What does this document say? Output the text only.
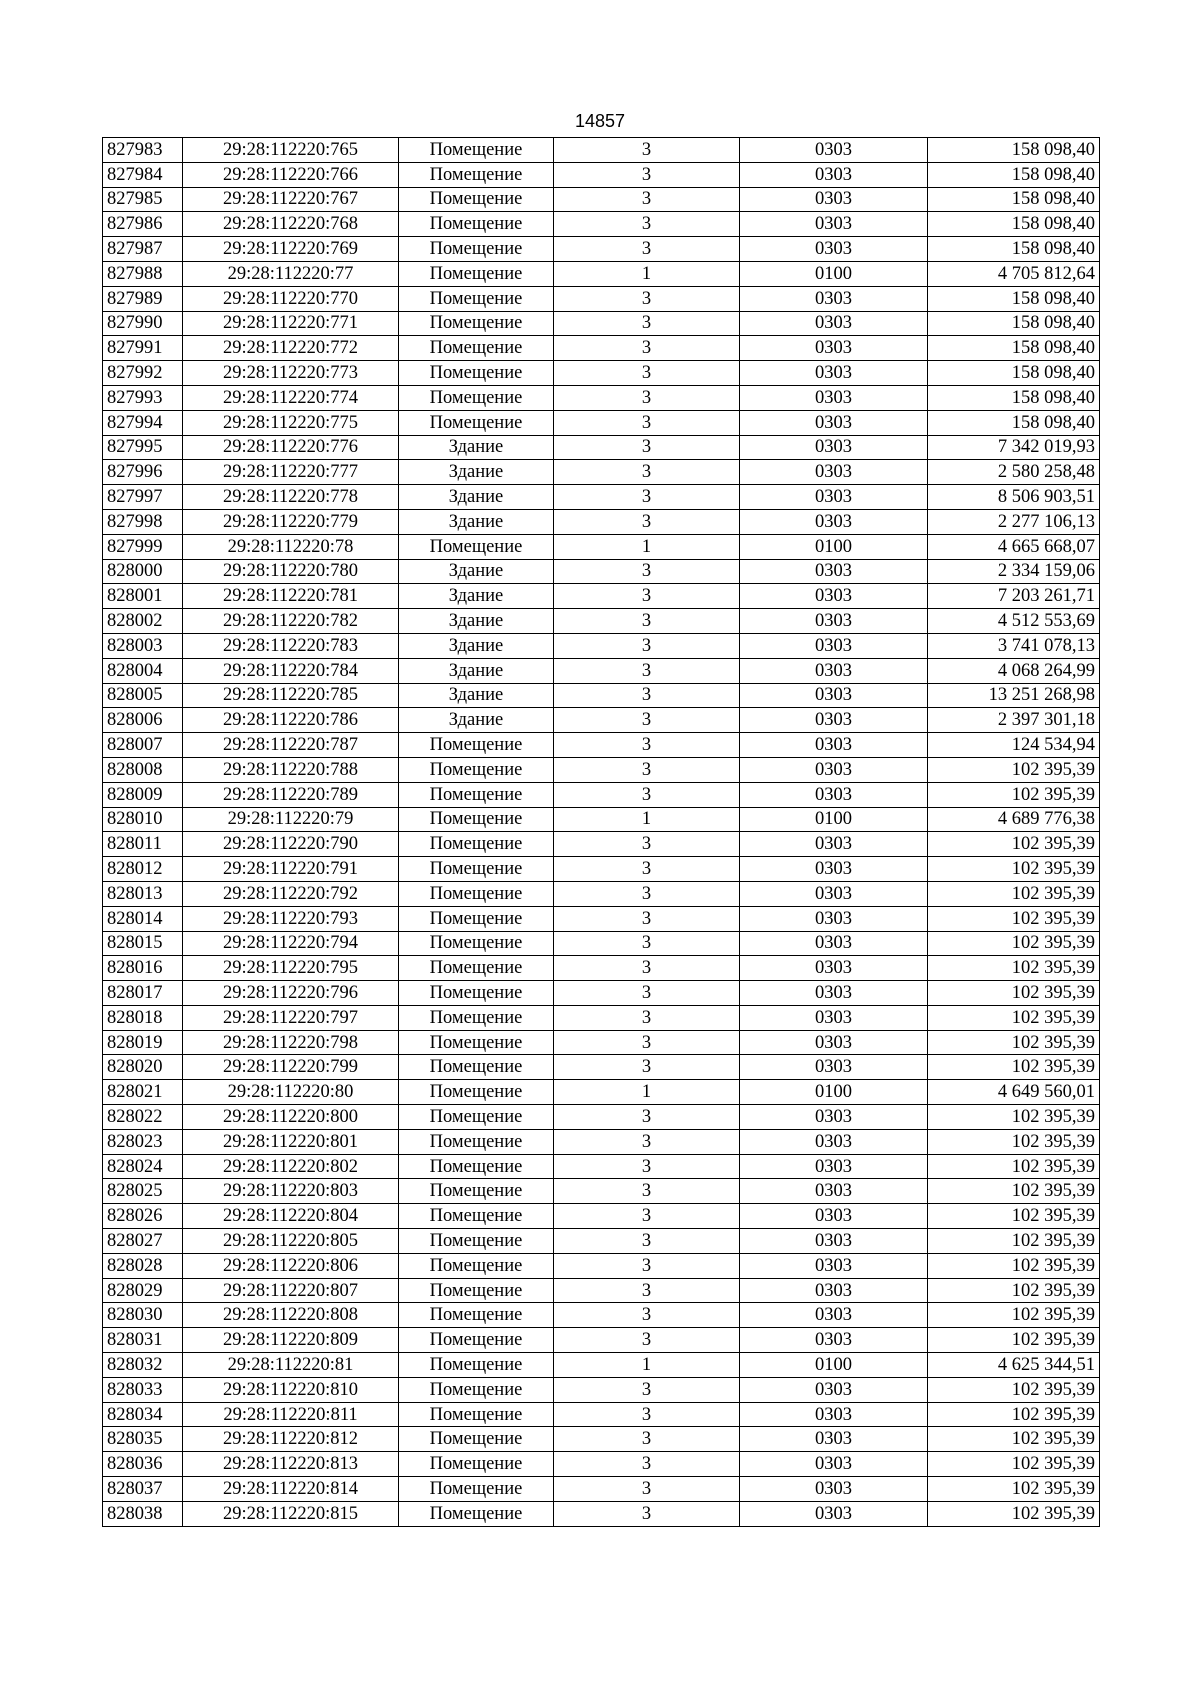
14857
827983	29:28:112220:765	Помещение	3	0303	158 098,40
827984	29:28:112220:766	Помещение	3	0303	158 098,40
827985	29:28:112220:767	Помещение	3	0303	158 098,40
827986	29:28:112220:768	Помещение	3	0303	158 098,40
827987	29:28:112220:769	Помещение	3	0303	158 098,40
827988	29:28:112220:77	Помещение	1	0100	4 705 812,64
827989	29:28:112220:770	Помещение	3	0303	158 098,40
827990	29:28:112220:771	Помещение	3	0303	158 098,40
827991	29:28:112220:772	Помещение	3	0303	158 098,40
827992	29:28:112220:773	Помещение	3	0303	158 098,40
827993	29:28:112220:774	Помещение	3	0303	158 098,40
827994	29:28:112220:775	Помещение	3	0303	158 098,40
827995	29:28:112220:776	Здание	3	0303	7 342 019,93
827996	29:28:112220:777	Здание	3	0303	2 580 258,48
827997	29:28:112220:778	Здание	3	0303	8 506 903,51
827998	29:28:112220:779	Здание	3	0303	2 277 106,13
827999	29:28:112220:78	Помещение	1	0100	4 665 668,07
828000	29:28:112220:780	Здание	3	0303	2 334 159,06
828001	29:28:112220:781	Здание	3	0303	7 203 261,71
828002	29:28:112220:782	Здание	3	0303	4 512 553,69
828003	29:28:112220:783	Здание	3	0303	3 741 078,13
828004	29:28:112220:784	Здание	3	0303	4 068 264,99
828005	29:28:112220:785	Здание	3	0303	13 251 268,98
828006	29:28:112220:786	Здание	3	0303	2 397 301,18
828007	29:28:112220:787	Помещение	3	0303	124 534,94
828008	29:28:112220:788	Помещение	3	0303	102 395,39
828009	29:28:112220:789	Помещение	3	0303	102 395,39
828010	29:28:112220:79	Помещение	1	0100	4 689 776,38
828011	29:28:112220:790	Помещение	3	0303	102 395,39
828012	29:28:112220:791	Помещение	3	0303	102 395,39
828013	29:28:112220:792	Помещение	3	0303	102 395,39
828014	29:28:112220:793	Помещение	3	0303	102 395,39
828015	29:28:112220:794	Помещение	3	0303	102 395,39
828016	29:28:112220:795	Помещение	3	0303	102 395,39
828017	29:28:112220:796	Помещение	3	0303	102 395,39
828018	29:28:112220:797	Помещение	3	0303	102 395,39
828019	29:28:112220:798	Помещение	3	0303	102 395,39
828020	29:28:112220:799	Помещение	3	0303	102 395,39
828021	29:28:112220:80	Помещение	1	0100	4 649 560,01
828022	29:28:112220:800	Помещение	3	0303	102 395,39
828023	29:28:112220:801	Помещение	3	0303	102 395,39
828024	29:28:112220:802	Помещение	3	0303	102 395,39
828025	29:28:112220:803	Помещение	3	0303	102 395,39
828026	29:28:112220:804	Помещение	3	0303	102 395,39
828027	29:28:112220:805	Помещение	3	0303	102 395,39
828028	29:28:112220:806	Помещение	3	0303	102 395,39
828029	29:28:112220:807	Помещение	3	0303	102 395,39
828030	29:28:112220:808	Помещение	3	0303	102 395,39
828031	29:28:112220:809	Помещение	3	0303	102 395,39
828032	29:28:112220:81	Помещение	1	0100	4 625 344,51
828033	29:28:112220:810	Помещение	3	0303	102 395,39
828034	29:28:112220:811	Помещение	3	0303	102 395,39
828035	29:28:112220:812	Помещение	3	0303	102 395,39
828036	29:28:112220:813	Помещение	3	0303	102 395,39
828037	29:28:112220:814	Помещение	3	0303	102 395,39
828038	29:28:112220:815	Помещение	3	0303	102 395,39
